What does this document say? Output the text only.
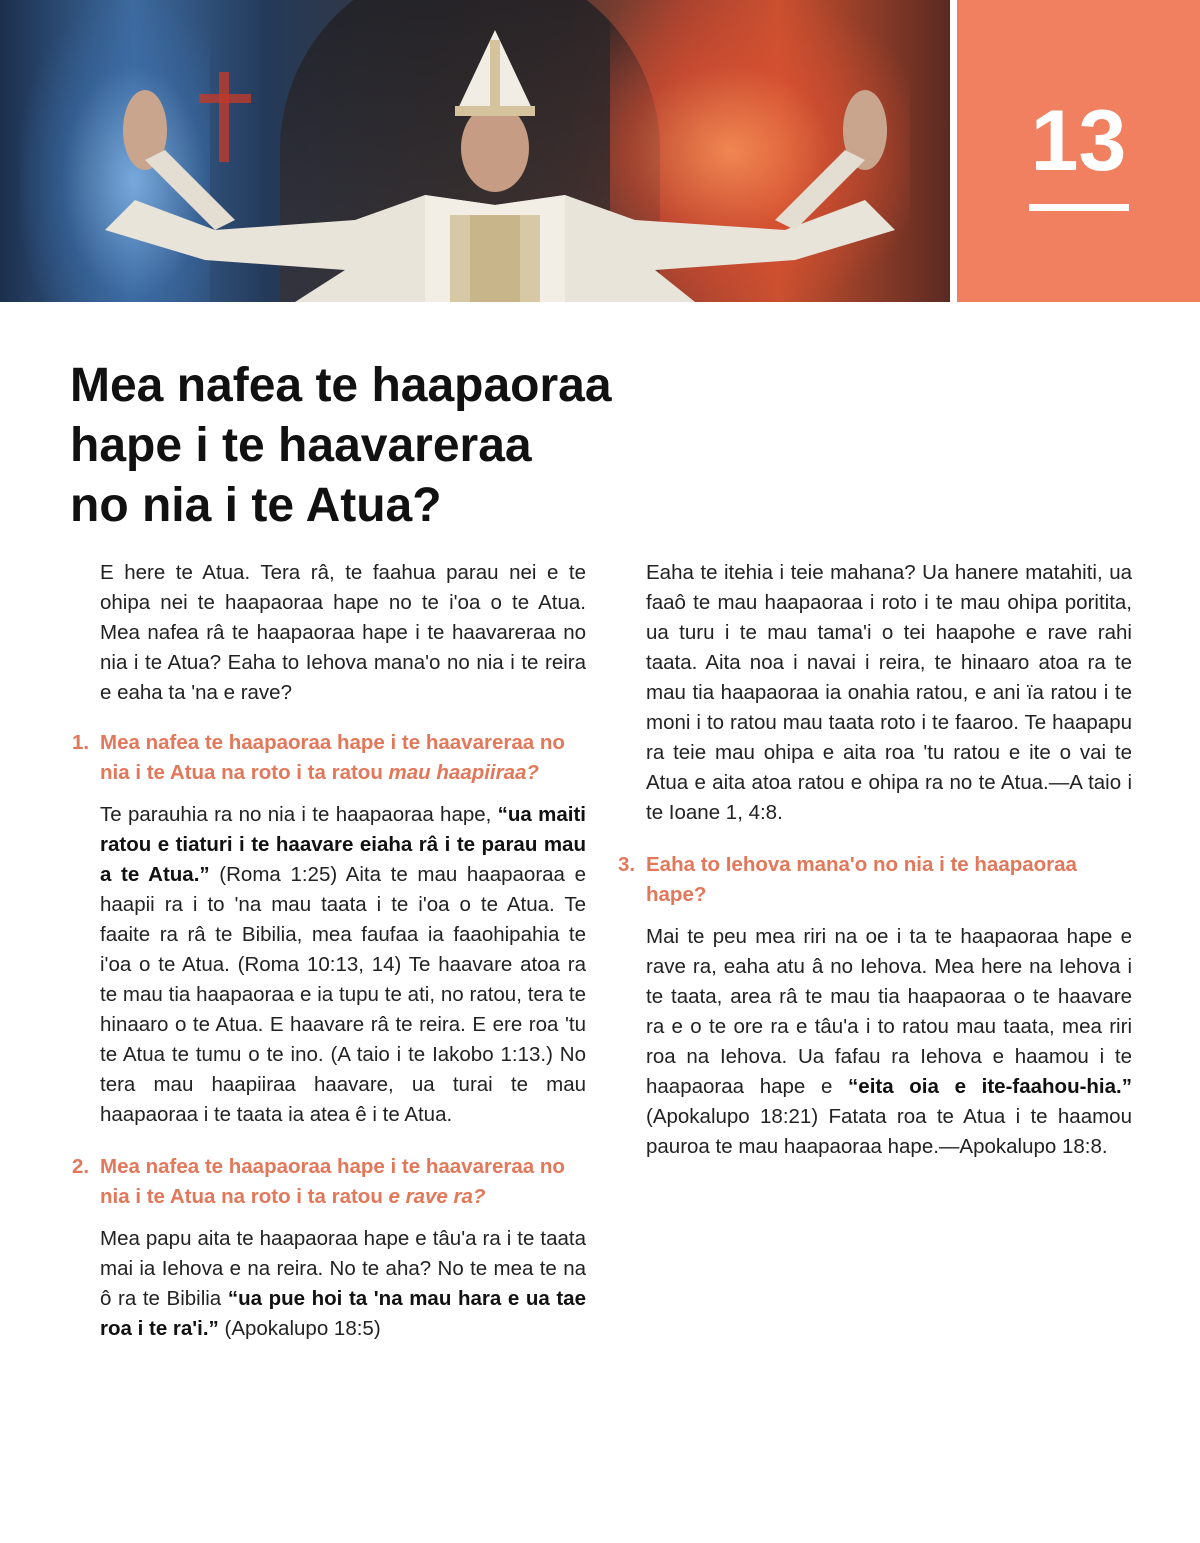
13
Mea nafea te haapaoraa
hape i te haavareraa
no nia i te Atua?

E here te Atua. Tera râ, te faahua parau nei e te ohipa nei te haapaoraa hape no te i'oa o te Atua. Mea nafea râ te haapaoraa hape i te haavareraa no nia i te Atua? Eaha to Iehova mana'o no nia i te reira e eaha ta 'na e rave?

1. Mea nafea te haapaoraa hape i te haavareraa no nia i te Atua na roto i ta ratou mau haapiiraa?

Te parauhia ra no nia i te haapaoraa hape, “ua maiti ratou e tiaturi i te haavare eiaha râ i te parau mau a te Atua.” (Roma 1:25) Aita te mau haapaoraa e haapii ra i to 'na mau taata i te i'oa o te Atua. Te faaite ra râ te Bibilia, mea faufaa ia faaohipahia te i'oa o te Atua. (Roma 10:13, 14) Te haavare atoa ra te mau tia haapaoraa e ia tupu te ati, no ratou, tera te hinaaro o te Atua. E haavare râ te reira. E ere roa 'tu te Atua te tumu o te ino. (A taio i te Iakobo 1:13.) No tera mau haapiiraa haavare, ua turai te mau haapaoraa i te taata ia atea ê i te Atua.

2. Mea nafea te haapaoraa hape i te haavareraa no nia i te Atua na roto i ta ratou e rave ra?

Mea papu aita te haapaoraa hape e tâu'a ra i te taata mai ia Iehova e na reira. No te aha? No te mea te na ô ra te Bibilia “ua pue hoi ta 'na mau hara e ua tae roa i te ra'i.” (Apokalupo 18:5)

Eaha te itehia i teie mahana? Ua hanere matahiti, ua faaô te mau haapaoraa i roto i te mau ohipa poritita, ua turu i te mau tama'i o tei haapohe e rave rahi taata. Aita noa i navai i reira, te hinaaro atoa ra te mau tia haapaoraa ia onahia ratou, e ani ïa ratou i te moni i to ratou mau taata roto i te faaroo. Te haapapu ra teie mau ohipa e aita roa 'tu ratou e ite o vai te Atua e aita atoa ratou e ohipa ra no te Atua.—A taio i te Ioane 1, 4:8.

3. Eaha to Iehova mana'o no nia i te haapaoraa hape?

Mai te peu mea riri na oe i ta te haapaoraa hape e rave ra, eaha atu â no Iehova. Mea here na Iehova i te taata, area râ te mau tia haapaoraa o te haavare ra e o te ore ra e tâu'a i to ratou mau taata, mea riri roa na Iehova. Ua fafau ra Iehova e haamou i te haapaoraa hape e “eita oia e ite-faahou-hia.” (Apokalupo 18:21) Fatata roa te Atua i te haamou pauroa te mau haapaoraa hape.—Apokalupo 18:8.
